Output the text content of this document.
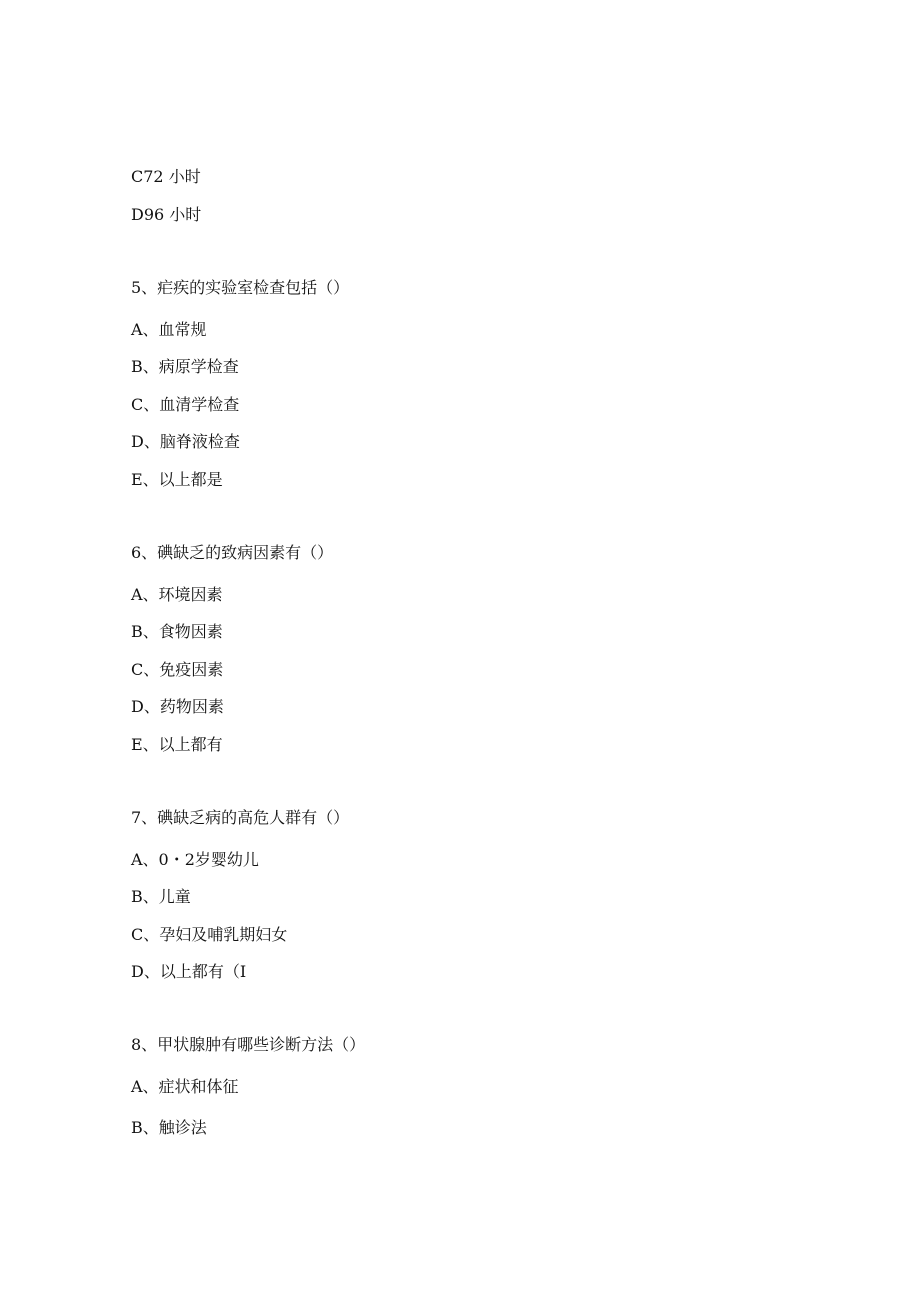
C72 小时

D96 小时

5、疟疾的实验室检查包括（）

A、血常规

B、病原学检查

C、血清学检查

D、脑脊液检查

E、以上都是

6、碘缺乏的致病因素有（）

A、环境因素

B、食物因素

C、免疫因素

D、药物因素

E、以上都有

7、碘缺乏病的高危人群有（）

A、0・2岁婴幼儿

B、儿童

C、孕妇及哺乳期妇女

D、以上都有（I

8、甲状腺肿有哪些诊断方法（）

A、症状和体征

B、触诊法
